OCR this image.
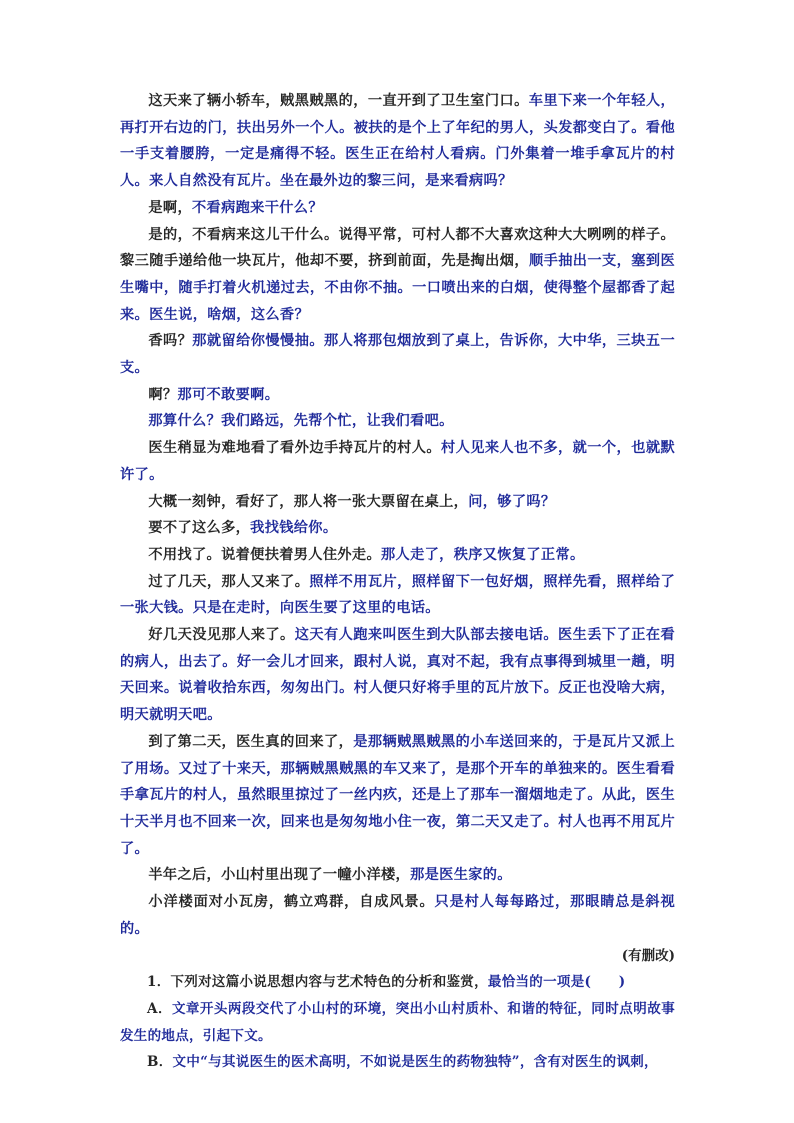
这天来了辆小轿车，贼黑贼黑的，一直开到了卫生室门口。车里下来一个年轻人，再打开右边的门，扶出另外一个人。被扶的是个上了年纪的男人，头发都变白了。看他一手支着腰胯，一定是痛得不轻。医生正在给村人看病。门外集着一堆手拿瓦片的村人。来人自然没有瓦片。坐在最外边的黎三问，是来看病吗？

是啊，不看病跑来干什么？

是的，不看病来这儿干什么。说得平常，可村人都不大喜欢这种大大咧咧的样子。黎三随手递给他一块瓦片，他却不要，挤到前面，先是掏出烟，顺手抽出一支，塞到医生嘴中，随手打着火机递过去，不由你不抽。一口喷出来的白烟，使得整个屋都香了起来。医生说，啥烟，这么香？

香吗？那就留给你慢慢抽。那人将那包烟放到了桌上，告诉你，大中华，三块五一支。

啊？那可不敢要啊。

那算什么？我们路远，先帮个忙，让我们看吧。

医生稍显为难地看了看外边手持瓦片的村人。村人见来人也不多，就一个，也就默许了。

大概一刻钟，看好了，那人将一张大票留在桌上，问，够了吗？

要不了这么多，我找钱给你。

不用找了。说着便扶着男人住外走。那人走了，秩序又恢复了正常。

过了几天，那人又来了。照样不用瓦片，照样留下一包好烟，照样先看，照样给了一张大钱。只是在走时，向医生要了这里的电话。

好几天没见那人来了。这天有人跑来叫医生到大队部去接电话。医生丢下了正在看的病人，出去了。好一会儿才回来，跟村人说，真对不起，我有点事得到城里一趟，明天回来。说着收拾东西，匆匆出门。村人便只好将手里的瓦片放下。反正也没啥大病，明天就明天吧。

到了第二天，医生真的回来了，是那辆贼黑贼黑的小车送回来的，于是瓦片又派上了用场。又过了十来天，那辆贼黑贼黑的车又来了，是那个开车的单独来的。医生看看手拿瓦片的村人，虽然眼里掠过了一丝内疚，还是上了那车一溜烟地走了。从此，医生十天半月也不回来一次，回来也是匆匆地小住一夜，第二天又走了。村人也再不用瓦片了。

半年之后，小山村里出现了一幢小洋楼，那是医生家的。

小洋楼面对小瓦房，鹤立鸡群，自成风景。只是村人每每路过，那眼睛总是斜视的。

(有删改)

1．下列对这篇小说思想内容与艺术特色的分析和鉴赏，最恰当的一项是(　　)

A．文章开头两段交代了小山村的环境，突出小山村质朴、和谐的特征，同时点明故事发生的地点，引起下文。

B．文中“与其说医生的医术高明，不如说是医生的药物独特”，含有对医生的讽刺，
